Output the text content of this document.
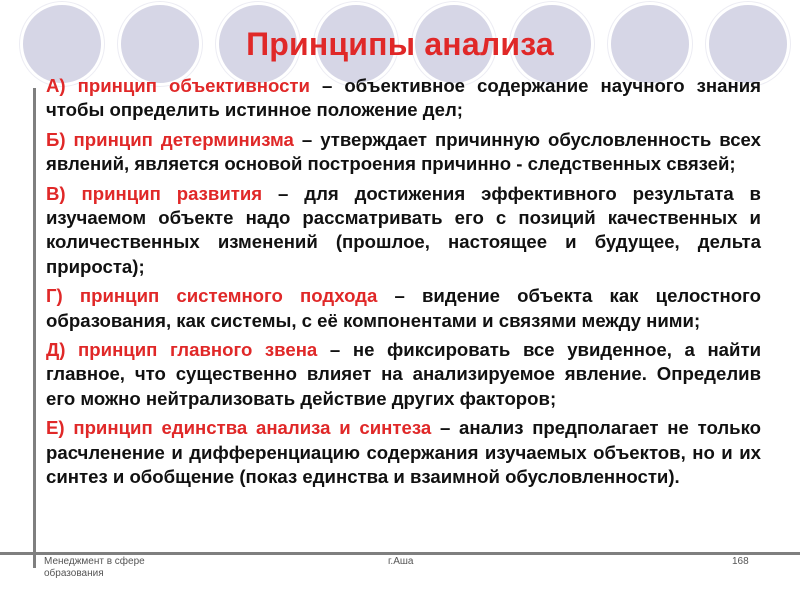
Принципы анализа

А) принцип объективности – объективное содержание научного знания чтобы определить истинное положение дел;

Б) принцип детерминизма – утверждает причинную обусловленность всех явлений, является основой построения причинно - следственных связей;

В) принцип развития – для достижения эффективного результата в изучаемом объекте надо рассматривать его с позиций качественных и количественных изменений (прошлое, настоящее и будущее, дельта прироста);

Г) принцип системного подхода – видение объекта как целостного образования, как системы, с её компонентами и связями между ними;

Д) принцип главного звена – не фиксировать все увиденное, а найти главное, что существенно влияет на анализируемое явление. Определив его можно нейтрализовать действие других факторов;

Е) принцип единства анализа и синтеза – анализ предполагает не только расчленение и дифференциацию содержания изучаемых объектов, но и их синтез и обобщение (показ единства и взаимной обусловленности).

Менеджмент в сфере образования
г.Аша	168
